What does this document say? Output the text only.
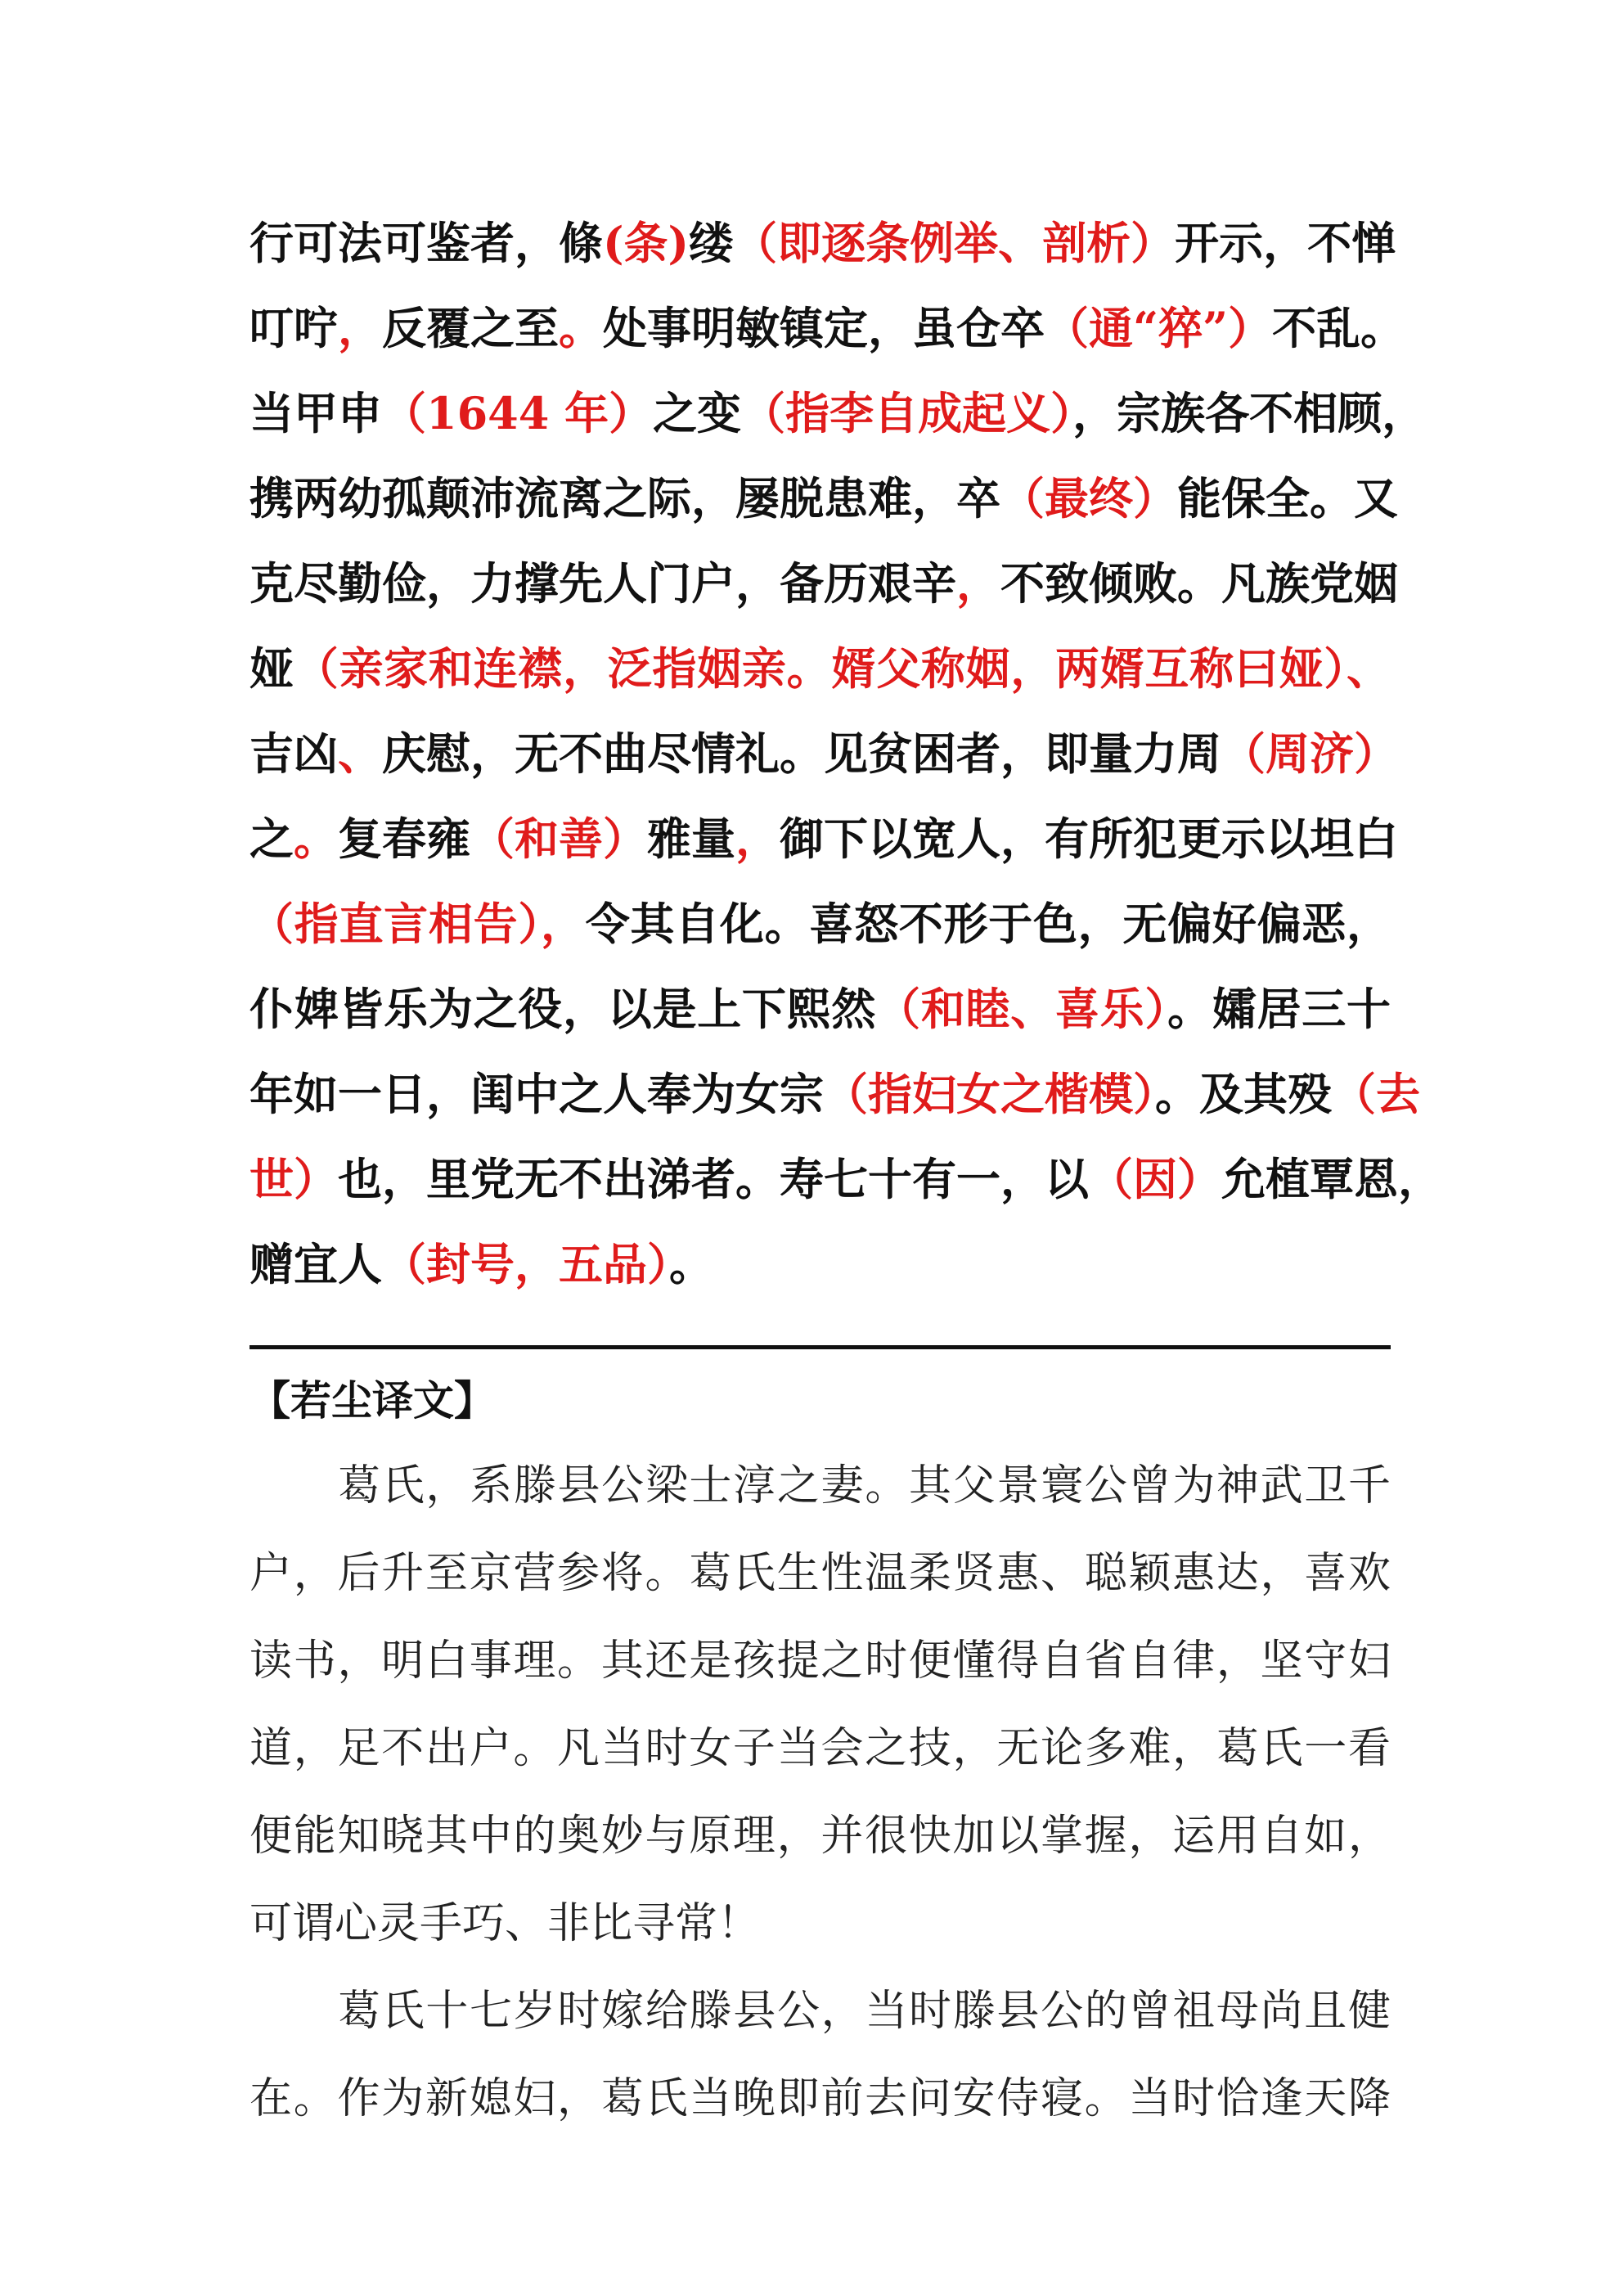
行可法可鉴者，條(条)缕（即逐条例举、剖析）开示，不惮
叮咛，反覆之至。处事明敏镇定，虽仓卒（通“猝”）不乱。
当甲申（1644 年）之变（指李自成起义），宗族各不相顾，
携两幼孤颠沛流离之际，屡脱患难，卒（最终）能保全。又
克尽勤俭，力撑先人门户，备历艰辛，不致倾败。凡族党姻
娅（亲家和连襟，泛指姻亲。婿父称姻，两婿互称曰娅）、
吉凶、庆慰，无不曲尽情礼。见贫困者，即量力周（周济）
之。复春雍（和善）雅量，御下以宽人，有所犯更示以坦白
（指直言相告），令其自化。喜怒不形于色，无偏好偏恶，
仆婢皆乐为之役，以是上下熙然（和睦、喜乐）。孀居三十
年如一日，闺中之人奉为女宗（指妇女之楷模）。及其殁（去
世）也，里党无不出涕者。寿七十有一，以（因）允植覃恩，
赠宜人（封号，五品）。
【若尘译文】
葛氏，系滕县公梁士淳之妻。其父景寰公曾为神武卫千
户，后升至京营参将。葛氏生性温柔贤惠、聪颖惠达，喜欢
读书，明白事理。其还是孩提之时便懂得自省自律，坚守妇
道，足不出户。凡当时女子当会之技，无论多难，葛氏一看
便能知晓其中的奥妙与原理，并很快加以掌握，运用自如，
可谓心灵手巧、非比寻常！
葛氏十七岁时嫁给滕县公，当时滕县公的曾祖母尚且健
在。作为新媳妇，葛氏当晚即前去问安侍寝。当时恰逢天降
